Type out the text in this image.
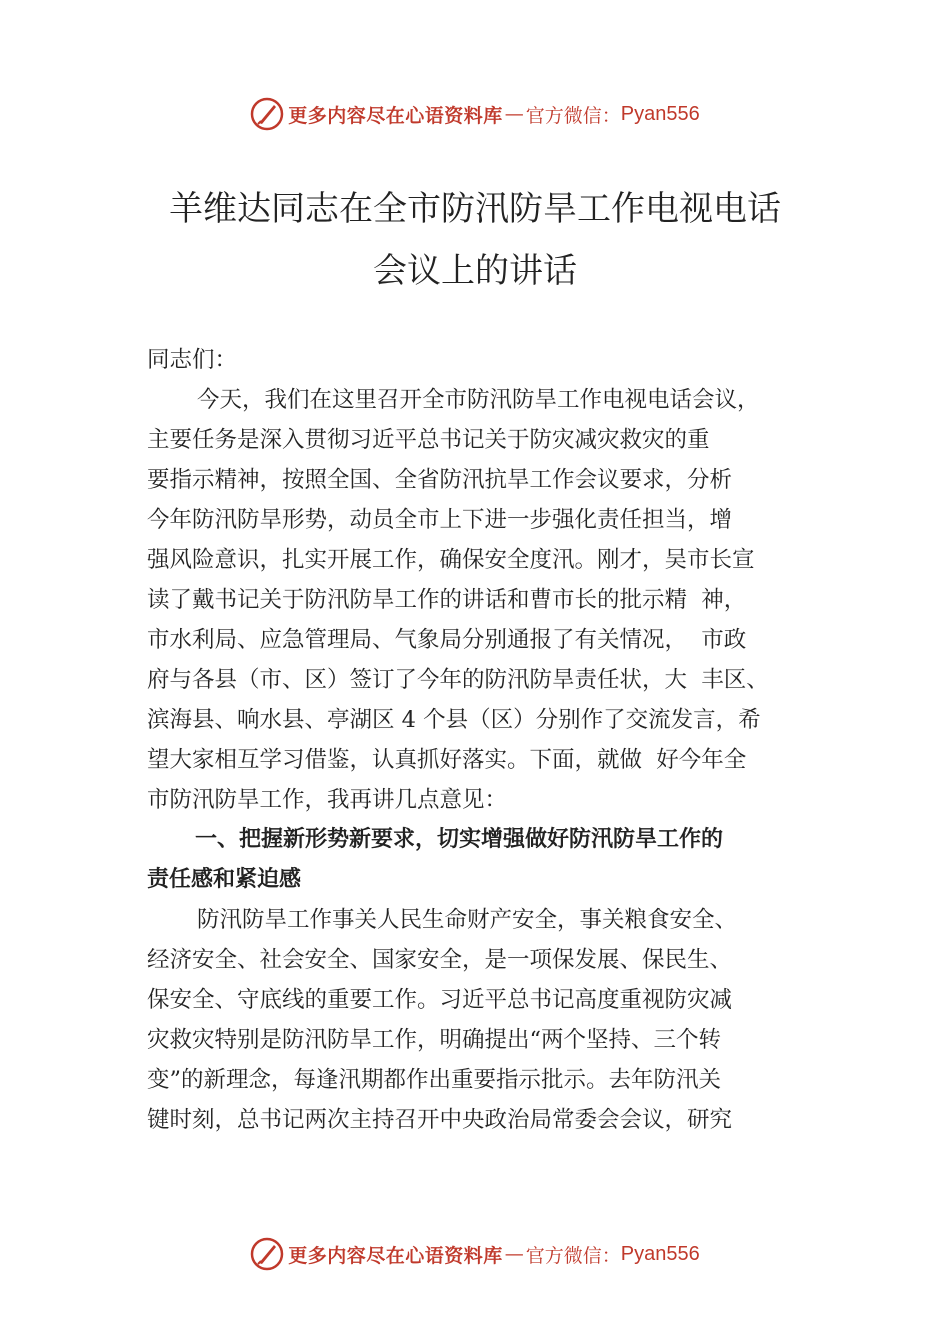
更多内容尽在心语资料库 — 官方微信： Pyan556
羊维达同志在全市防汛防旱工作电视电话
会议上的讲话
同志们：
今天，我们在这里召开全市防汛防旱工作电视电话会议，
主要任务是深入贯彻习近平总书记关于防灾减灾救灾的重
要指示精神，按照全国、全省防汛抗旱工作会议要求，分析
今年防汛防旱形势，动员全市上下进一步强化责任担当，增
强风险意识，扎实开展工作，确保安全度汛。刚才，吴市长宣
读了戴书记关于防汛防旱工作的讲话和曹市长的批示精  神，
市水利局、应急管理局、气象局分别通报了有关情况，  市政
府与各县（市、区）签订了今年的防汛防旱责任状，大  丰区、
滨海县、响水县、亭湖区 4 个县（区）分别作了交流发言，希
望大家相互学习借鉴，认真抓好落实。下面，就做  好今年全
市防汛防旱工作，我再讲几点意见：
一、把握新形势新要求，切实增强做好防汛防旱工作的
责任感和紧迫感
防汛防旱工作事关人民生命财产安全，事关粮食安全、
经济安全、社会安全、国家安全，是一项保发展、保民生、
保安全、守底线的重要工作。习近平总书记高度重视防灾减
灾救灾特别是防汛防旱工作，明确提出“两个坚持、三个转
变”的新理念，每逢汛期都作出重要指示批示。去年防汛关
键时刻，总书记两次主持召开中央政治局常委会会议，研究
更多内容尽在心语资料库 — 官方微信： Pyan556
